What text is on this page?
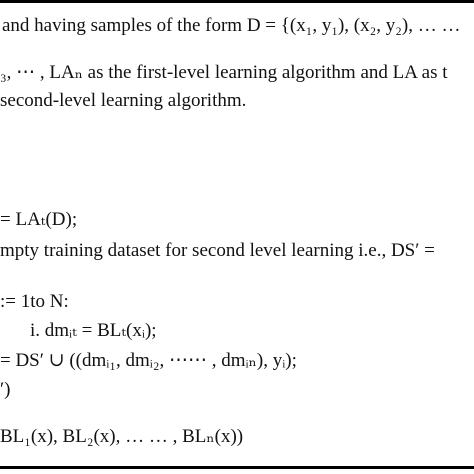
and having samples of the form D = {(x₁, y₁), (x₂, y₂), … …
₃, ⋯ , LAₙ as the first-level learning algorithm and LA as t
second-level learning algorithm.
= LAₜ(D);
mpty training dataset for second level learning i.e., DS′ =
:= 1to N:
i. dmᵢₜ = BLₜ(xᵢ);
= DS′ ∪ ((dmᵢ₁, dmᵢ₂, ⋯⋯ , dmᵢₙ), yᵢ);
′)
BL₁(x), BL₂(x), … … , BLₙ(x))
